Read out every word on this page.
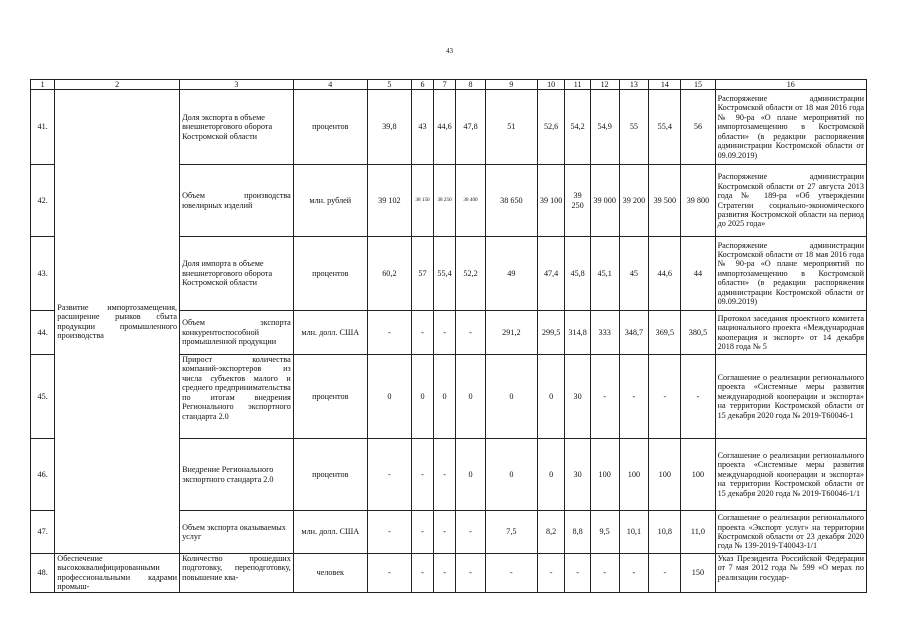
43
1	2	3	4	5	6	7	8	9	10	11	12	13	14	15	16
41.	Развитие импортозамещения, расширение рынков сбыта продукции промышленного производства	Доля экспорта в объеме внешнеторгового оборота Костромской области	процентов	39,8	43	44,6	47,8	51	52,6	54,2	54,9	55	55,4	56	Распоряжение администрации Костромской области от 18 мая 2016 года № 90-ра «О плане мероприятий по импортозамещению в Костромской области» (в редакции распоряжения администрации Костромской области от 09.09.2019)
42.		Объем производства ювелирных изделий	млн. рублей	39 102	38 150	38 250	38 400	38 650	39 100	39 250	39 000	39 200	39 500	39 800	Распоряжение администрации Костромской области от 27 августа 2013 года № 189-ра «Об утверждении Стратегии социально-экономического развития Костромской области на период до 2025 года»
43.		Доля импорта в объеме внешнеторгового оборота Костромской области	процентов	60,2	57	55,4	52,2	49	47,4	45,8	45,1	45	44,6	44	Распоряжение администрации Костромской области от 18 мая 2016 года № 90-ра «О плане мероприятий по импортозамещению в Костромской области» (в редакции распоряжения администрации Костромской области от 09.09.2019)
44.		Объем экспорта конкурентоспособной промышленной продукции	млн. долл. США	-	-	-	-	291,2	299,5	314,8	333	348,7	369,5	380,5	Протокол заседания проектного комитета национального проекта «Международная кооперация и экспорт» от 14 декабря 2018 года № 5
45.		Прирост количества компаний-экспортеров из числа субъектов малого и среднего предпринимательства по итогам внедрения Регионального экспортного стандарта 2.0	процентов	0	0	0	0	0	0	30	-	-	-	-	Соглашение о реализации регионального проекта «Системные меры развития международной кооперации и экспорта» на территории Костромской области от 15 декабря 2020 года № 2019-Т60046-1
46.		Внедрение Регионального экспортного стандарта 2.0	процентов	-	-	-	0	0	0	30	100	100	100	100	Соглашение о реализации регионального проекта «Системные меры развития международной кооперации и экспорта» на территории Костромской области от 15 декабря 2020 года № 2019-Т60046-1/1
47.		Объем экспорта оказываемых услуг	млн. долл. США	-	-	-	-	7,5	8,2	8,8	9,5	10,1	10,8	11,0	Соглашение о реализации регионального проекта «Экспорт услуг» на территории Костромской области от 23 декабря 2020 года № 139-2019-Т40043-1/1
48.	Обеспечение высококвалифицированными профессиональными кадрами промыш-	Количество прошедших подготовку, переподготовку, повышение ква-	человек	-	-	-	-	-	-	-	-	-	-	150	Указ Президента Российской Федерации от 7 мая 2012 года № 599 «О мерах по реализации государ-
